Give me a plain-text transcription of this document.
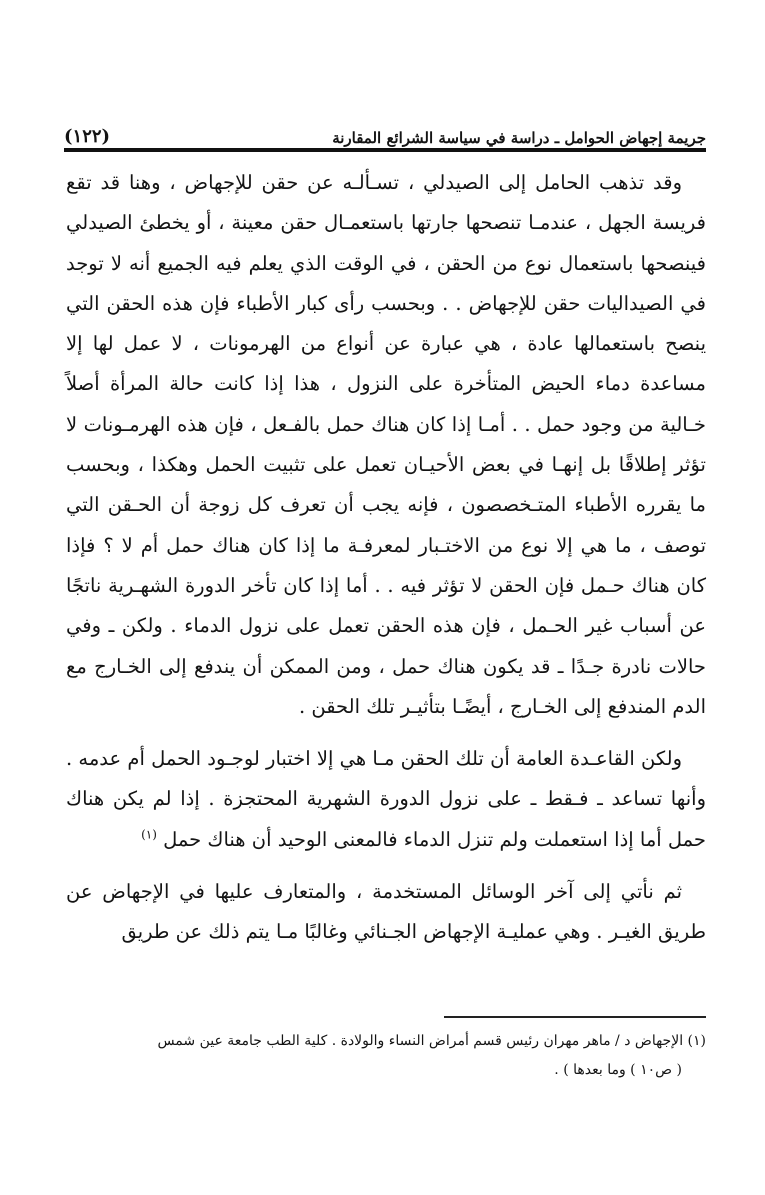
جريمة إجهاض الحوامل ـ دراسة في سياسة الشرائع المقارنة
(١٢٢)

وقد تذهب الحامل إلى الصيدلي ، تسـألـه عن حقن للإجهاض ، وهنا قد تقع فريسة الجهل ، عندمـا تنصحها جارتها باستعمـال حقن معينة ، أو يخطئ الصيدلي فينصحها باستعمال نوع من الحقن ، في الوقت الذي يعلم فيه الجميع أنه لا توجد في الصيداليات حقن للإجهاض . . وبحسب رأى كبار الأطباء فإن هذه الحقن التي ينصح باستعمالها عادة ، هي عبارة عن أنواع من الهرمونات ، لا عمل لها إلا مساعدة دماء الحيض المتأخرة على النزول ، هذا إذا كانت حالة المرأة أصلاً خـالية من وجود حمل . . أمـا إذا كان هناك حمل بالفـعل ، فإن هذه الهرمـونات لا تؤثر إطلاقًا بل إنهـا في بعض الأحيـان تعمل على تثبيت الحمل وهكذا ، وبحسب ما يقرره الأطباء المتـخصصون ، فإنه يجب أن تعرف كل زوجة أن الحـقن التي توصف ، ما هي إلا نوع من الاختـبار لمعرفـة ما إذا كان هناك حمل أم لا ؟ فإذا كان هناك حـمل فإن الحقن لا تؤثر فيه . . أما إذا كان تأخر الدورة الشهـرية ناتجًا عن أسباب غير الحـمل ، فإن هذه الحقن تعمل على نزول الدماء . ولكن ـ وفي حالات نادرة جـدًا ـ قد يكون هناك حمل ، ومن الممكن أن يندفع إلى الخـارج مع الدم المندفع إلى الخـارج ، أيضًـا بتأثيـر تلك الحقن .

ولكن القاعـدة العامة أن تلك الحقن مـا هي إلا اختبار لوجـود الحمل أم عدمه . وأنها تساعد ـ فـقط ـ على نزول الدورة الشهرية المحتجزة . إذا لم يكن هناك حمل أما إذا استعملت ولم تنزل الدماء فالمعنى الوحيد أن هناك حمل $^{(١)}$

ثم نأتي إلى آخر الوسائل المستخدمة ، والمتعارف عليها في الإجهاض عن طريق الغيـر . وهي عمليـة الإجهاض الجـنائي وغالبًا مـا يتم ذلك عن طريق

(١) الإجهاض د / ماهر مهران رئيس قسم أمراض النساء والولادة . كلية الطب جامعة عين شمس

( ص١٠ ) وما بعدها ) .
